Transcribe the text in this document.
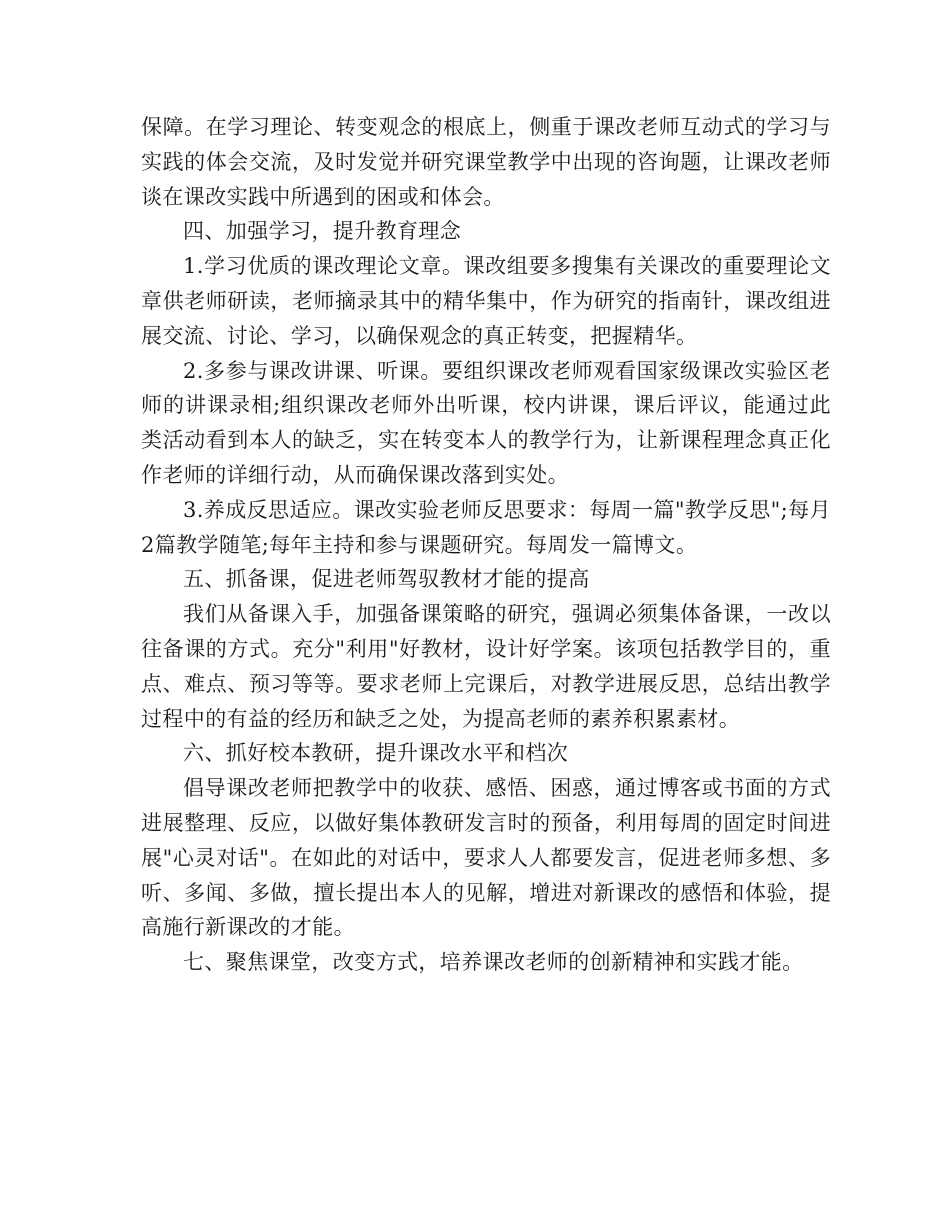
保障。在学习理论、转变观念的根底上，侧重于课改老师互动式的学习与实践的体会交流，及时发觉并研究课堂教学中出现的咨询题，让课改老师谈在课改实践中所遇到的困或和体会。

四、加强学习，提升教育理念

1.学习优质的课改理论文章。课改组要多搜集有关课改的重要理论文章供老师研读，老师摘录其中的精华集中，作为研究的指南针，课改组进展交流、讨论、学习，以确保观念的真正转变，把握精华。

2.多参与课改讲课、听课。要组织课改老师观看国家级课改实验区老师的讲课录相;组织课改老师外出听课，校内讲课，课后评议，能通过此类活动看到本人的缺乏，实在转变本人的教学行为，让新课程理念真正化作老师的详细行动，从而确保课改落到实处。

3.养成反思适应。课改实验老师反思要求：每周一篇"教学反思";每月2篇教学随笔;每年主持和参与课题研究。每周发一篇博文。

五、抓备课，促进老师驾驭教材才能的提高

我们从备课入手，加强备课策略的研究，强调必须集体备课，一改以往备课的方式。充分"利用"好教材，设计好学案。该项包括教学目的，重点、难点、预习等等。要求老师上完课后，对教学进展反思，总结出教学过程中的有益的经历和缺乏之处，为提高老师的素养积累素材。

六、抓好校本教研，提升课改水平和档次

倡导课改老师把教学中的收获、感悟、困惑，通过博客或书面的方式进展整理、反应，以做好集体教研发言时的预备，利用每周的固定时间进展"心灵对话"。在如此的对话中，要求人人都要发言，促进老师多想、多听、多闻、多做，擅长提出本人的见解，增进对新课改的感悟和体验，提高施行新课改的才能。

七、聚焦课堂，改变方式，培养课改老师的创新精神和实践才能。
